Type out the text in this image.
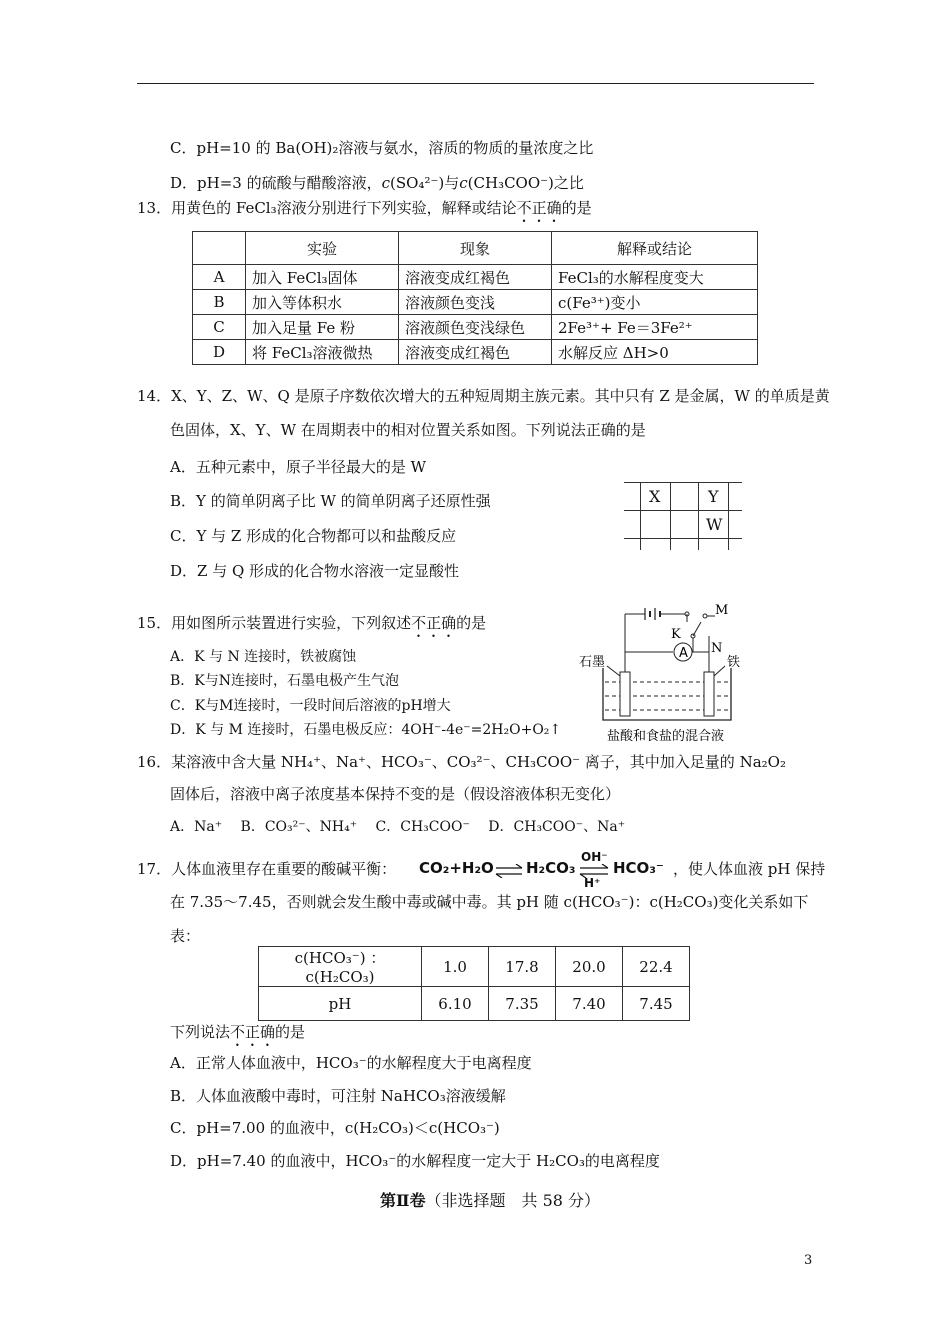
C．pH=10 的 Ba(OH)₂溶液与氨水，溶质的物质的量浓度之比
D．pH=3 的硫酸与醋酸溶液，c(SO₄²⁻)与c(CH₃COO⁻)之比
13．用黄色的 FeCl₃溶液分别进行下列实验，解释或结论不正确的是
	实验	现象	解释或结论
A	加入 FeCl₃固体	溶液变成红褐色	FeCl₃的水解程度变大
B	加入等体积水	溶液颜色变浅	c(Fe³⁺)变小
C	加入足量 Fe 粉	溶液颜色变浅绿色	2Fe³⁺+ Fe＝3Fe²⁺
D	将 FeCl₃溶液微热	溶液变成红褐色	水解反应 ΔH>0
14．X、Y、Z、W、Q 是原子序数依次增大的五种短周期主族元素。其中只有 Z 是金属，W 的单质是黄
色固体，X、Y、W 在周期表中的相对位置关系如图。下列说法正确的是
A．五种元素中，原子半径最大的是 W
B．Y 的简单阴离子比 W 的简单阴离子还原性强
C．Y 与 Z 形成的化合物都可以和盐酸反应
D．Z 与 Q 形成的化合物水溶液一定显酸性
X	Y
W
15．用如图所示装置进行实验，下列叙述不正确的是
A．K 与 N 连接时，铁被腐蚀
B．K与N连接时，石墨电极产生气泡
C．K与M连接时，一段时间后溶液的pH增大
D．K 与 M 连接时，石墨电极反应：4OH⁻-4e⁻=2H₂O+O₂↑
A
M
K
N
石墨	铁
盐酸和食盐的混合液
16．某溶液中含大量 NH₄⁺、Na⁺、HCO₃⁻、CO₃²⁻、CH₃COO⁻ 离子，其中加入足量的 Na₂O₂
固体后，溶液中离子浓度基本保持不变的是（假设溶液体积无变化）
A．Na⁺　 B．CO₃²⁻、NH₄⁺　 C．CH₃COO⁻　 D．CH₃COO⁻、Na⁺
17．人体血液里存在重要的酸碱平衡： CO₂+H₂O ⇌ H₂CO₃
OH⁻
H⁺
HCO₃⁻ ，使人体血液 pH 保持
在 7.35～7.45，否则就会发生酸中毒或碱中毒。其 pH 随 c(HCO₃⁻)：c(H₂CO₃)变化关系如下
表：
c(HCO₃⁻) ：c(H₂CO₃)	1.0	17.8	20.0	22.4
pH	6.10	7.35	7.40	7.45
下列说法不正确的是
A．正常人体血液中，HCO₃⁻的水解程度大于电离程度
B．人体血液酸中毒时，可注射 NaHCO₃溶液缓解
C．pH=7.00 的血液中，c(H₂CO₃)＜c(HCO₃⁻)
D．pH=7.40 的血液中，HCO₃⁻的水解程度一定大于 H₂CO₃的电离程度
第Ⅱ卷（非选择题　共 58 分）
3
